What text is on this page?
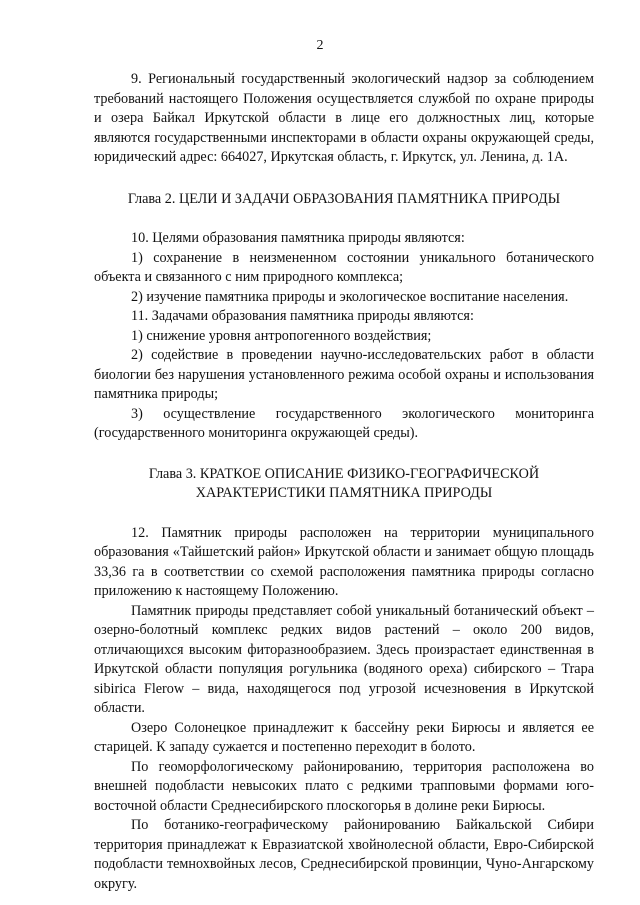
2

9. Региональный государственный экологический надзор за соблюдением требований настоящего Положения осуществляется службой по охране природы и озера Байкал Иркутской области в лице его должностных лиц, которые являются государственными инспекторами в области охраны окружающей среды, юридический адрес: 664027, Иркутская область, г. Иркутск, ул. Ленина, д. 1А.

Глава 2. ЦЕЛИ И ЗАДАЧИ ОБРАЗОВАНИЯ ПАМЯТНИКА ПРИРОДЫ

10. Целями образования памятника природы являются:

1) сохранение в неизмененном состоянии уникального ботанического объекта и связанного с ним природного комплекса;

2) изучение памятника природы и экологическое воспитание населения.

11. Задачами образования памятника природы являются:

1) снижение уровня антропогенного воздействия;

2) содействие в проведении научно-исследовательских работ в области биологии без нарушения установленного режима особой охраны и использования памятника природы;

3) осуществление государственного экологического мониторинга (государственного мониторинга окружающей среды).

Глава 3. КРАТКОЕ ОПИСАНИЕ ФИЗИКО-ГЕОГРАФИЧЕСКОЙ
ХАРАКТЕРИСТИКИ ПАМЯТНИКА ПРИРОДЫ

12. Памятник природы расположен на территории муниципального образования «Тайшетский район» Иркутской области и занимает общую площадь 33,36 га в соответствии со схемой расположения памятника природы согласно приложению к настоящему Положению.

Памятник природы представляет собой уникальный ботанический объект – озерно-болотный комплекс редких видов растений – около 200 видов, отличающихся высоким фиторазнообразием. Здесь произрастает единственная в Иркутской области популяция рогульника (водяного ореха) сибирского – Trapa sibirica Flerow – вида, находящегося под угрозой исчезновения в Иркутской области.

Озеро Солонецкое принадлежит к бассейну реки Бирюсы и является ее старицей. К западу сужается и постепенно переходит в болото.

По геоморфологическому районированию, территория расположена во внешней подобласти невысоких плато с редкими трапповыми формами юго-восточной области Среднесибирского плоскогорья в долине реки Бирюсы.

По ботанико-географическому районированию Байкальской Сибири территория принадлежат к Евразиатской хвойнолесной области, Евро-Сибирской подобласти темнохвойных лесов, Среднесибирской провинции, Чуно-Ангарскому округу.
